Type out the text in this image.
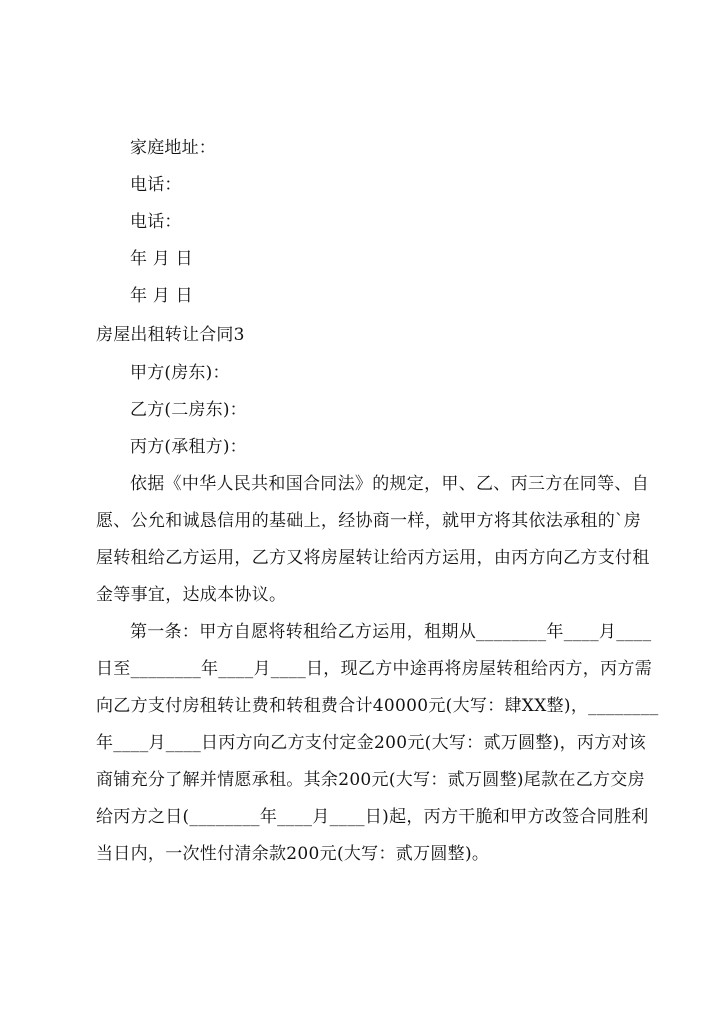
家庭地址：
电话：
电话：
年 月 日
年 月 日
房屋出租转让合同3
甲方(房东)：
乙方(二房东)：
丙方(承租方)：
依据《中华人民共和国合同法》的规定，甲、乙、丙三方在同等、自
愿、公允和诚恳信用的基础上，经协商一样，就甲方将其依法承租的`房
屋转租给乙方运用，乙方又将房屋转让给丙方运用，由丙方向乙方支付租
金等事宜，达成本协议。
第一条：甲方自愿将转租给乙方运用，租期从________年____月____
日至________年____月____日，现乙方中途再将房屋转租给丙方，丙方需
向乙方支付房租转让费和转租费合计40000元(大写：肆XX整)，________
年____月____日丙方向乙方支付定金200元(大写：贰万圆整)，丙方对该
商铺充分了解并情愿承租。其余200元(大写：贰万圆整)尾款在乙方交房
给丙方之日(________年____月____日)起，丙方干脆和甲方改签合同胜利
当日内，一次性付清余款200元(大写：贰万圆整)。
